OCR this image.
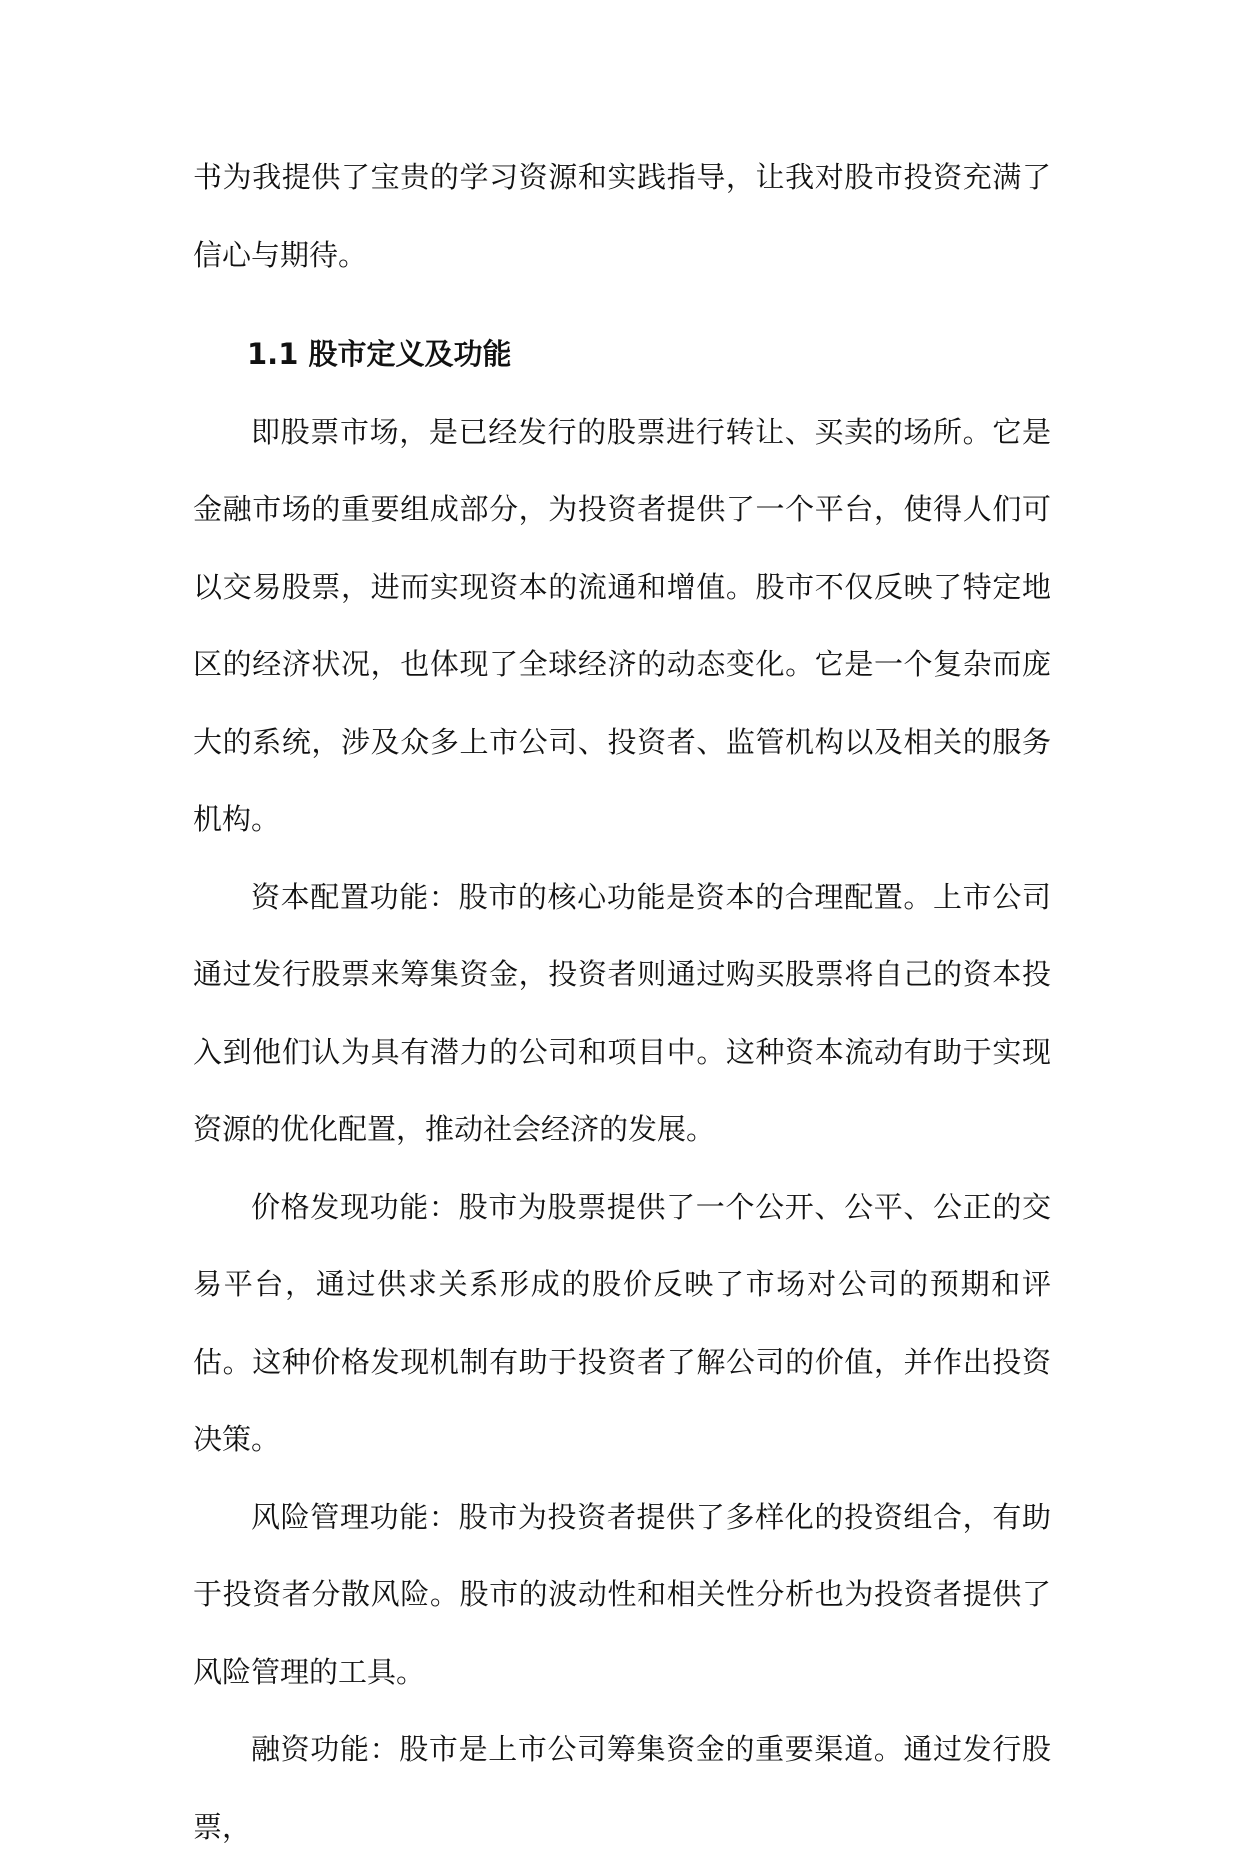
书为我提供了宝贵的学习资源和实践指导，让我对股市投资充满了信心与期待。

1.1 股市定义及功能

即股票市场，是已经发行的股票进行转让、买卖的场所。它是金融市场的重要组成部分，为投资者提供了一个平台，使得人们可以交易股票，进而实现资本的流通和增值。股市不仅反映了特定地区的经济状况，也体现了全球经济的动态变化。它是一个复杂而庞大的系统，涉及众多上市公司、投资者、监管机构以及相关的服务机构。

资本配置功能：股市的核心功能是资本的合理配置。上市公司通过发行股票来筹集资金，投资者则通过购买股票将自己的资本投入到他们认为具有潜力的公司和项目中。这种资本流动有助于实现资源的优化配置，推动社会经济的发展。

价格发现功能：股市为股票提供了一个公开、公平、公正的交易平台，通过供求关系形成的股价反映了市场对公司的预期和评估。这种价格发现机制有助于投资者了解公司的价值，并作出投资决策。

风险管理功能：股市为投资者提供了多样化的投资组合，有助于投资者分散风险。股市的波动性和相关性分析也为投资者提供了风险管理的工具。

融资功能：股市是上市公司筹集资金的重要渠道。通过发行股票，
